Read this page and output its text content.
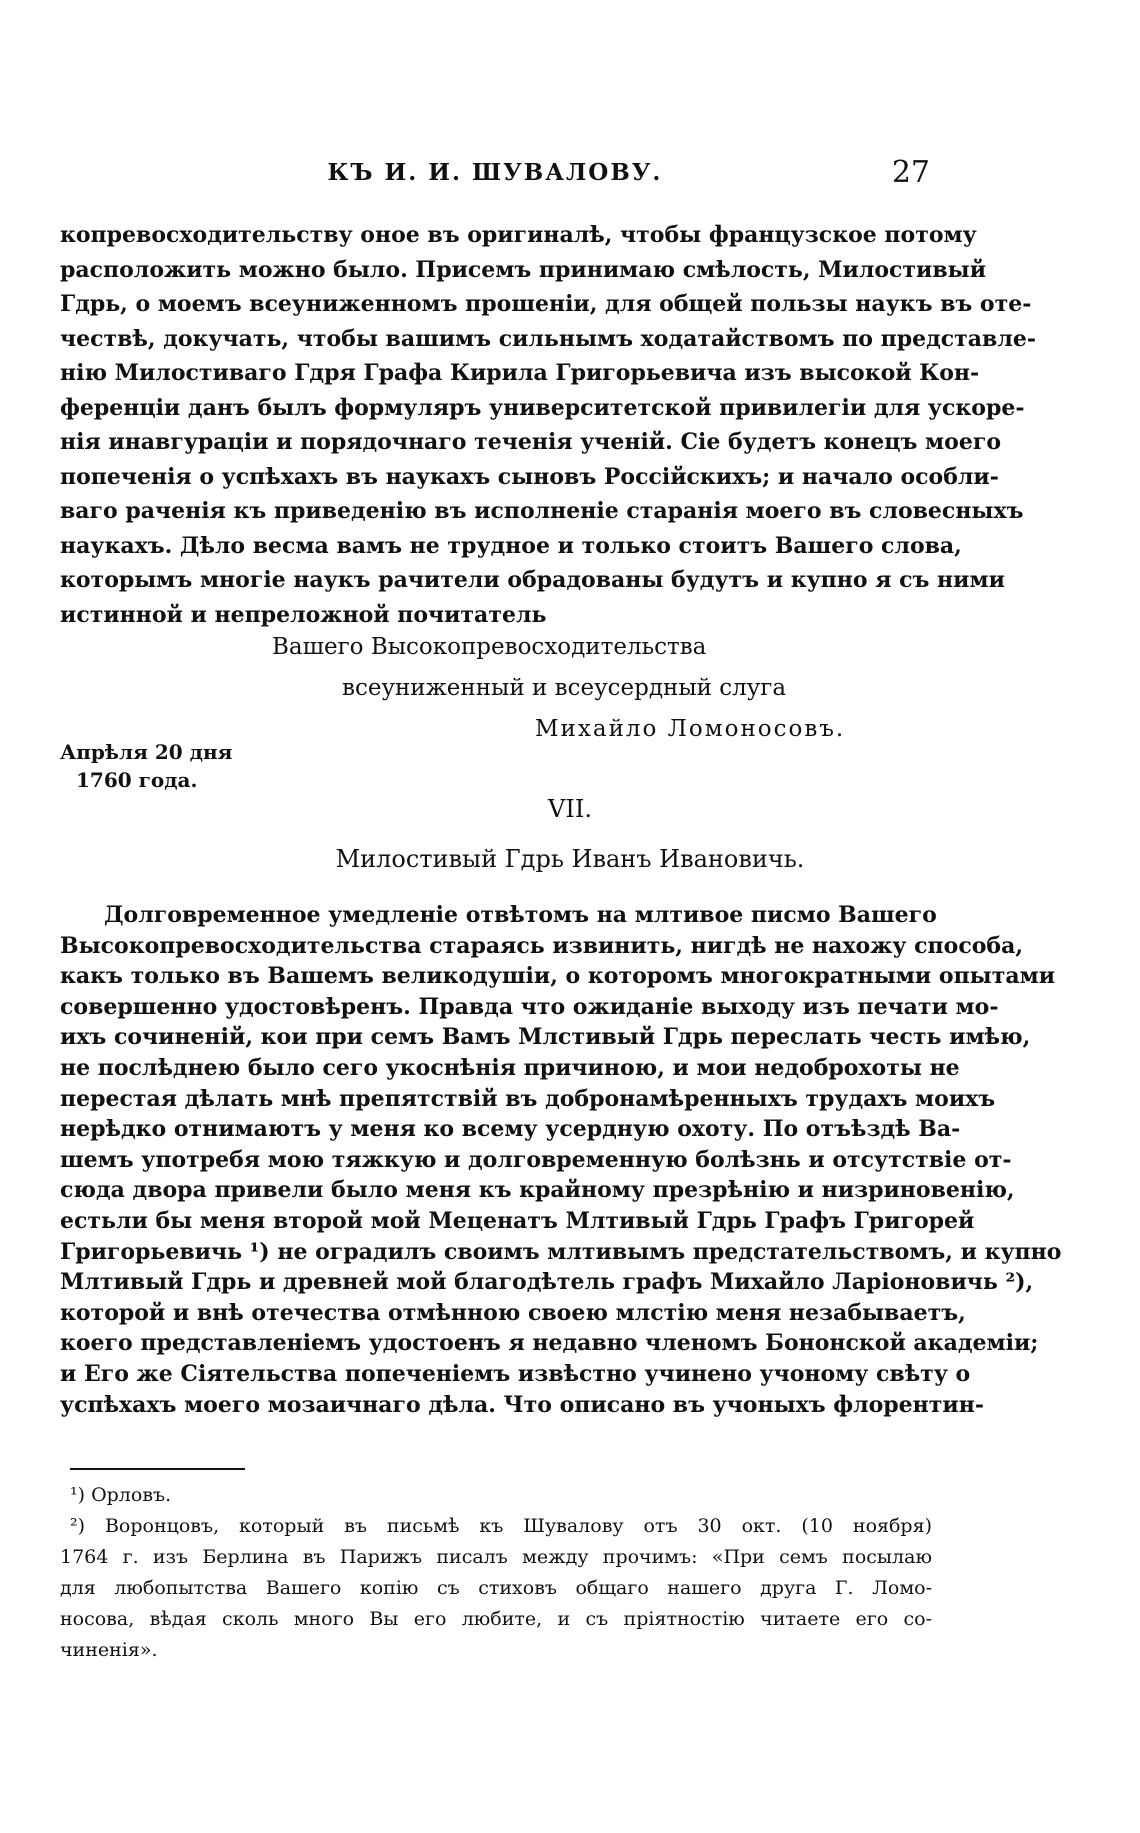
КЪ И. И. ШУВАЛОВУ.	27
копревосходительству оное въ оригиналѣ, чтобы французское потому
расположить можно было. Присемъ принимаю смѣлость, Милостивый
Гдрь, о моемъ всеуниженномъ прошеніи, для общей пользы наукъ въ оте-
чествѣ, докучать, чтобы вашимъ сильнымъ ходатайствомъ по представле-
нію Милостиваго Гдря Графа Кирила Григорьевича изъ высокой Кон-
ференціи данъ былъ формуляръ университетской привилегіи для ускоре-
нія инавгураціи и порядочнаго теченія ученій. Сіе будетъ конецъ моего
попеченія о успѣхахъ въ наукахъ сыновъ Россійскихъ; и начало особли-
ваго раченія къ приведенію въ исполненіе старанія моего въ словесныхъ
наукахъ. Дѣло весма вамъ не трудное и только стоитъ Вашего слова,
которымъ многіе наукъ рачители обрадованы будутъ и купно я съ ними
истинной и непреложной почитатель
Вашего Высокопревосходительства
всеуниженный и всеусердный слуга
Михайло Ломоносовъ.
Апрѣля 20 дня
1760 года.
VII.
Милостивый Гдрь Иванъ Ивановичь.
Долговременное умедленіе отвѣтомъ на млтивое писмо Вашего
Высокопревосходительства стараясь извинить, нигдѣ не нахожу способа,
какъ только въ Вашемъ великодушіи, о которомъ многократными опытами
совершенно удостовѣренъ. Правда что ожиданіе выходу изъ печати мо-
ихъ сочиненій, кои при семъ Вамъ Млстивый Гдрь переслать честь имѣю,
не послѣднею было сего укоснѣнія причиною, и мои недоброхоты не
перестая дѣлать мнѣ препятствій въ добронамѣренныхъ трудахъ моихъ
нерѣдко отнимаютъ у меня ко всему усердную охоту. По отъѣздѣ Ва-
шемъ употребя мою тяжкую и долговременную болѣзнь и отсутствіе от-
сюда двора привели было меня къ крайному презрѣнію и низриновенію,
естьли бы меня второй мой Меценатъ Млтивый Гдрь Графъ Григорей
Григорьевичь ¹) не оградилъ своимъ млтивымъ предстательствомъ, и купно
Млтивый Гдрь и древней мой благодѣтель графъ Михайло Ларіоновичь ²),
которой и внѣ отечества отмѣнною своею млстію меня незабываетъ,
коего представленіемъ удостоенъ я недавно членомъ Бононской академіи;
и Его же Сіятельства попеченіемъ извѣстно учинено учоному свѣту о
успѣхахъ моего мозаичнаго дѣла. Что описано въ учоныхъ флорентин-
¹) Орловъ.
²) Воронцовъ, который въ письмѣ къ Шувалову отъ 30 окт. (10 ноября)
1764 г. изъ Берлина въ Парижъ писалъ между прочимъ: «При семъ посылаю
для любопытства Вашего копію съ стиховъ общаго нашего друга Г. Ломо-
носова, вѣдая сколь много Вы его любите, и съ пріятностію читаете его со-
чиненія».
